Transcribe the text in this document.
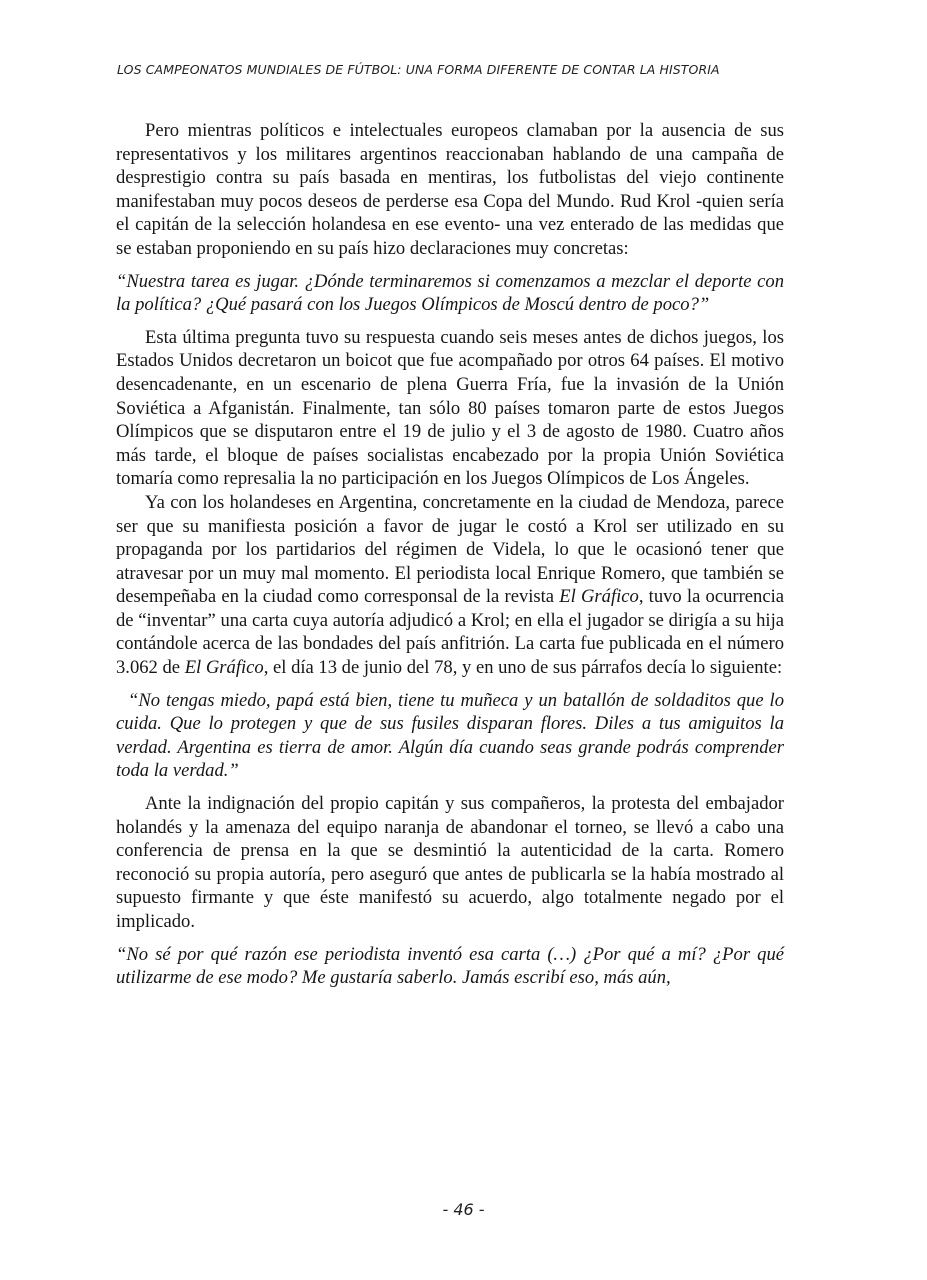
LOS CAMPEONATOS MUNDIALES DE FÚTBOL: UNA FORMA DIFERENTE DE CONTAR LA HISTORIA

Pero mientras políticos e intelectuales europeos clamaban por la ausencia de sus representativos y los militares argentinos reaccionaban hablando de una campaña de desprestigio contra su país basada en mentiras, los futbolistas del viejo continente manifestaban muy pocos deseos de perderse esa Copa del Mundo. Rud Krol -quien sería el capitán de la selección holandesa en ese evento- una vez enterado de las medidas que se estaban proponiendo en su país hizo declaraciones muy concretas:

“Nuestra tarea es jugar. ¿Dónde terminaremos si comenzamos a mezclar el deporte con la política? ¿Qué pasará con los Juegos Olímpicos de Moscú dentro de poco?”

Esta última pregunta tuvo su respuesta cuando seis meses antes de dichos juegos, los Estados Unidos decretaron un boicot que fue acompañado por otros 64 países. El motivo desencadenante, en un escenario de plena Guerra Fría, fue la invasión de la Unión Soviética a Afganistán. Finalmente, tan sólo 80 países tomaron parte de estos Juegos Olímpicos que se disputaron entre el 19 de julio y el 3 de agosto de 1980. Cuatro años más tarde, el bloque de países socialistas encabezado por la propia Unión Soviética tomaría como represalia la no participación en los Juegos Olímpicos de Los Ángeles.

Ya con los holandeses en Argentina, concretamente en la ciudad de Mendoza, parece ser que su manifiesta posición a favor de jugar le costó a Krol ser utilizado en su propaganda por los partidarios del régimen de Videla, lo que le ocasionó tener que atravesar por un muy mal momento. El periodista local Enrique Romero, que también se desempeñaba en la ciudad como corresponsal de la revista El Gráfico, tuvo la ocurrencia de “inventar” una carta cuya autoría adjudicó a Krol; en ella el jugador se dirigía a su hija contándole acerca de las bondades del país anfitrión. La carta fue publicada en el número 3.062 de El Gráfico, el día 13 de junio del 78, y en uno de sus párrafos decía lo siguiente:

“No tengas miedo, papá está bien, tiene tu muñeca y un batallón de soldaditos que lo cuida. Que lo protegen y que de sus fusiles disparan flores. Diles a tus amiguitos la verdad. Argentina es tierra de amor. Algún día cuando seas grande podrás comprender toda la verdad.”

Ante la indignación del propio capitán y sus compañeros, la protesta del embajador holandés y la amenaza del equipo naranja de abandonar el torneo, se llevó a cabo una conferencia de prensa en la que se desmintió la autenticidad de la carta. Romero reconoció su propia autoría, pero aseguró que antes de publicarla se la había mostrado al supuesto firmante y que éste manifestó su acuerdo, algo totalmente negado por el implicado.

“No sé por qué razón ese periodista inventó esa carta (…) ¿Por qué a mí? ¿Por qué utilizarme de ese modo? Me gustaría saberlo. Jamás escribí eso, más aún,

- 46 -
